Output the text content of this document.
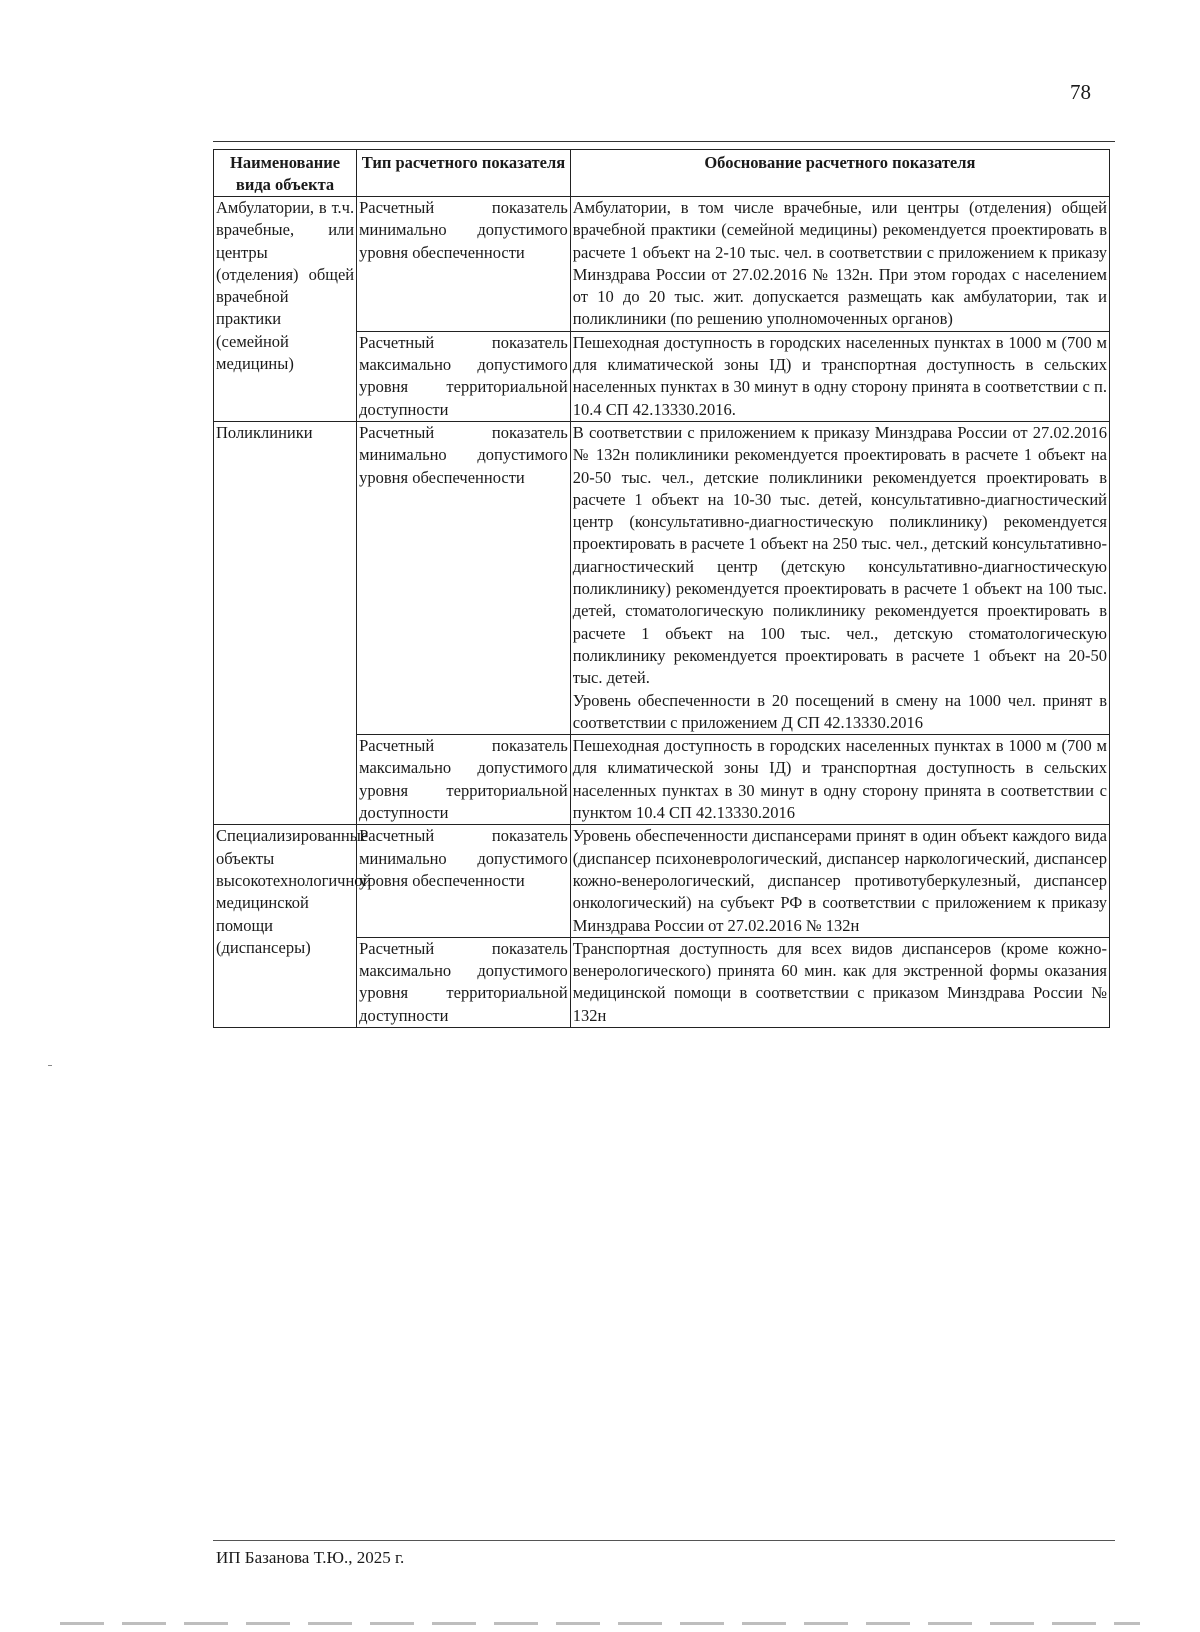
78
Наименование вида объекта	Тип расчетного показателя	Обоснование расчетного показателя
Амбулатории, в т.ч. врачебные, или центры (отделения) общей врачебной практики (семейной медицины)	Расчетный показатель минимально допустимого уровня обеспеченности	Амбулатории, в том числе врачебные, или центры (отделения) общей врачебной практики (семейной медицины) рекомендуется проектировать в расчете 1 объект на 2-10 тыс. чел. в соответствии с приложением к приказу Минздрава России от 27.02.2016 № 132н. При этом городах с населением от 10 до 20 тыс. жит. допускается размещать как амбулатории, так и поликлиники (по решению уполномоченных органов)
	Расчетный показатель максимально допустимого уровня территориальной доступности	Пешеходная доступность в городских населенных пунктах в 1000 м (700 м для климатической зоны ІД) и транспортная доступность в сельских населенных пунктах в 30 минут в одну сторону принята в соответствии с п. 10.4 СП 42.13330.2016.
Поликлиники	Расчетный показатель минимально допустимого уровня обеспеченности	В соответствии с приложением к приказу Минздрава России от 27.02.2016 № 132н поликлиники рекомендуется проектировать в расчете 1 объект на 20-50 тыс. чел., детские поликлиники рекомендуется проектировать в расчете 1 объект на 10-30 тыс. детей, консультативно-диагностический центр (консультативно-диагностическую поликлинику) рекомендуется проектировать в расчете 1 объект на 250 тыс. чел., детский консультативно-диагностический центр (детскую консультативно-диагностическую поликлинику) рекомендуется проектировать в расчете 1 объект на 100 тыс. детей, стоматологическую поликлинику рекомендуется проектировать в расчете 1 объект на 100 тыс. чел., детскую стоматологическую поликлинику рекомендуется проектировать в расчете 1 объект на 20-50 тыс. детей.
Уровень обеспеченности в 20 посещений в смену на 1000 чел. принят в соответствии с приложением Д СП 42.13330.2016

	Расчетный показатель максимально допустимого уровня территориальной доступности	Пешеходная доступность в городских населенных пунктах в 1000 м (700 м для климатической зоны ІД) и транспортная доступность в сельских населенных пунктах в 30 минут в одну сторону принята в соответствии с пунктом 10.4 СП 42.13330.2016
Специализированные объекты высокотехнологичной медицинской помощи (диспансеры)	Расчетный показатель минимально допустимого уровня обеспеченности	Уровень обеспеченности диспансерами принят в один объект каждого вида (диспансер психоневрологический, диспансер наркологический, диспансер кожно-венерологический, диспансер противотуберкулезный, диспансер онкологический) на субъект РФ в соответствии с приложением к приказу Минздрава России от 27.02.2016 № 132н
	Расчетный показатель максимально допустимого уровня территориальной доступности	Транспортная доступность для всех видов диспансеров (кроме кожно-венерологического) принята 60 мин. как для экстренной формы оказания медицинской помощи в соответствии с приказом Минздрава России № 132н
ИП Базанова Т.Ю., 2025 г.
